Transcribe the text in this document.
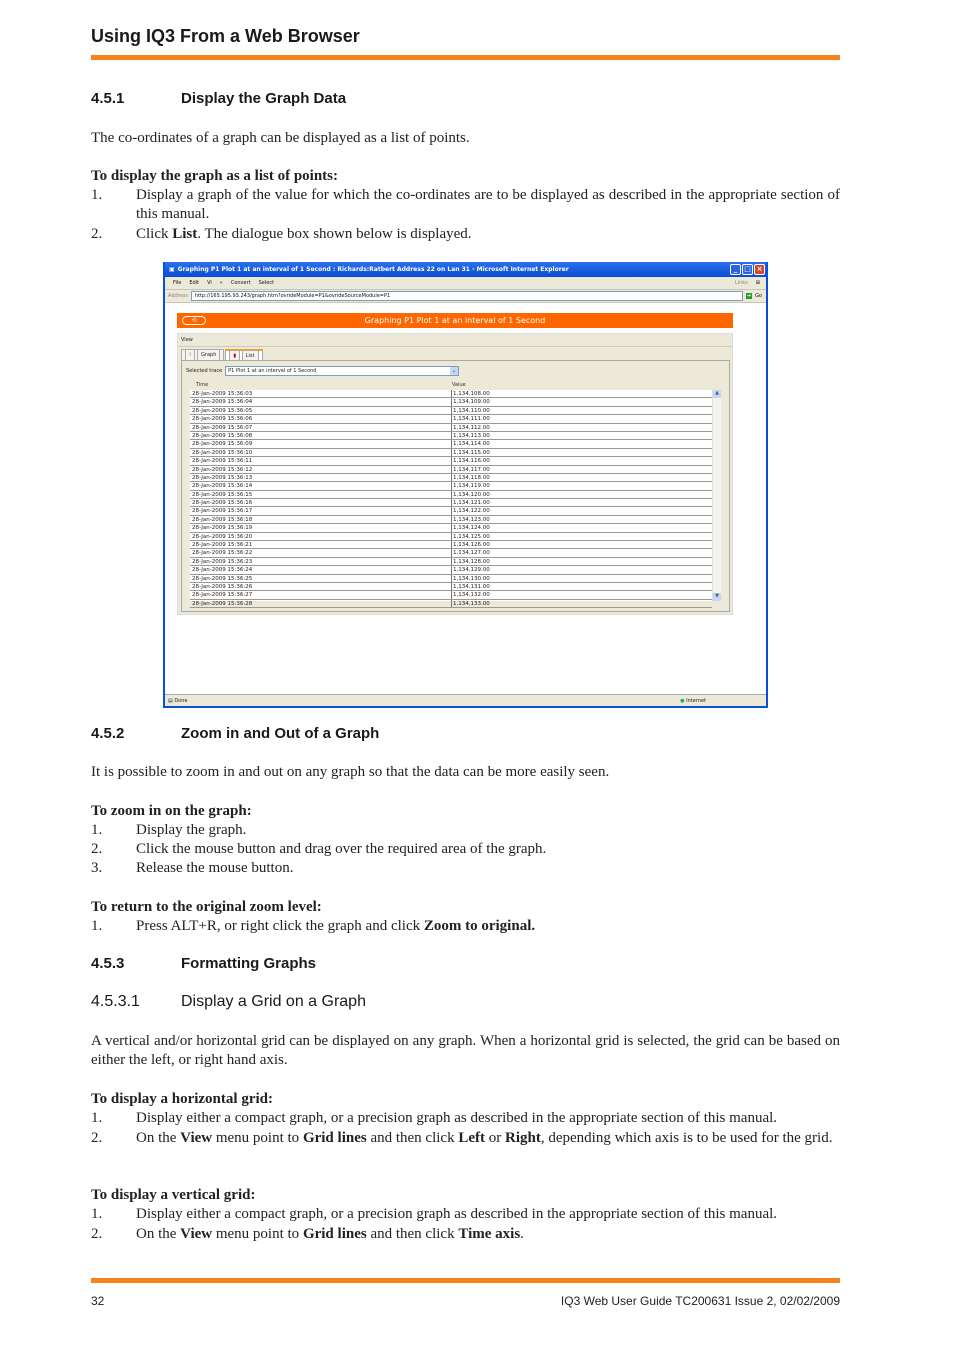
Using IQ3 From a Web Browser
4.5.1	Display the Graph Data
The co-ordinates of a graph can be displayed as a list of points.
To display the graph as a list of points:
1.	Display a graph of the value for which the co-ordinates are to be displayed as described in the appropriate section of this manual.
2.	Click List. The dialogue box shown below is displayed.
▣ Graphing P1 Plot 1 at an interval of 1 Second : Richards:Ratbert Address 22 on Lan 31 - Microsoft Internet Explorer	_ □ ×
File Edit Vi » Convert Select	Links ⊞
Address http://165.195.93.243/graph.htm?ovrideModule=P1&ovrideSourceModule=P1	➔ Go
⟲	Graphing P1 Plot 1 at an interval of 1 Second
View
⌇ Graph	▮ List
Selected trace	P1 Plot 1 at an interval of 1 Second	⌄
Time	Value
28-Jan-2009 15:36:03	1,134,108.00
28-Jan-2009 15:36:04	1,134,109.00
28-Jan-2009 15:36:05	1,134,110.00
28-Jan-2009 15:36:06	1,134,111.00
28-Jan-2009 15:36:07	1,134,112.00
28-Jan-2009 15:36:08	1,134,113.00
28-Jan-2009 15:36:09	1,134,114.00
28-Jan-2009 15:36:10	1,134,115.00
28-Jan-2009 15:36:11	1,134,116.00
28-Jan-2009 15:36:12	1,134,117.00
28-Jan-2009 15:36:13	1,134,118.00
28-Jan-2009 15:36:14	1,134,119.00
28-Jan-2009 15:36:15	1,134,120.00
28-Jan-2009 15:36:16	1,134,121.00
28-Jan-2009 15:36:17	1,134,122.00
28-Jan-2009 15:36:18	1,134,123.00
28-Jan-2009 15:36:19	1,134,124.00
28-Jan-2009 15:36:20	1,134,125.00
28-Jan-2009 15:36:21	1,134,126.00
28-Jan-2009 15:36:22	1,134,127.00
28-Jan-2009 15:36:23	1,134,128.00
28-Jan-2009 15:36:24	1,134,129.00
28-Jan-2009 15:36:25	1,134,130.00
28-Jan-2009 15:36:26	1,134,131.00
28-Jan-2009 15:36:27	1,134,132.00
28-Jan-2009 15:36:28	1,134,133.00
▲
▼
▤ Done	● Internet
4.5.2	Zoom in and Out of a Graph
It is possible to zoom in and out on any graph so that the data can be more easily seen.
To zoom in on the graph:
1.	Display the graph.
2.	Click the mouse button and drag over the required area of the graph.
3.	Release the mouse button.
To return to the original zoom level:
1.	Press ALT+R, or right click the graph and click Zoom to original.
4.5.3	Formatting Graphs
4.5.3.1	Display a Grid on a Graph
A vertical and/or horizontal grid can be displayed on any graph. When a horizontal grid is selected, the grid can be based on either the left, or right hand axis.
To display a horizontal grid:
1.	Display either a compact graph, or a precision graph as described in the appropriate section of this manual.
2.	On the View menu point to Grid lines and then click Left or Right, depending which axis is to be used for the grid.
To display a vertical grid:
1.	Display either a compact graph, or a precision graph as described in the appropriate section of this manual.
2.	On the View menu point to Grid lines and then click Time axis.
32	IQ3 Web User Guide TC200631 Issue 2, 02/02/2009
